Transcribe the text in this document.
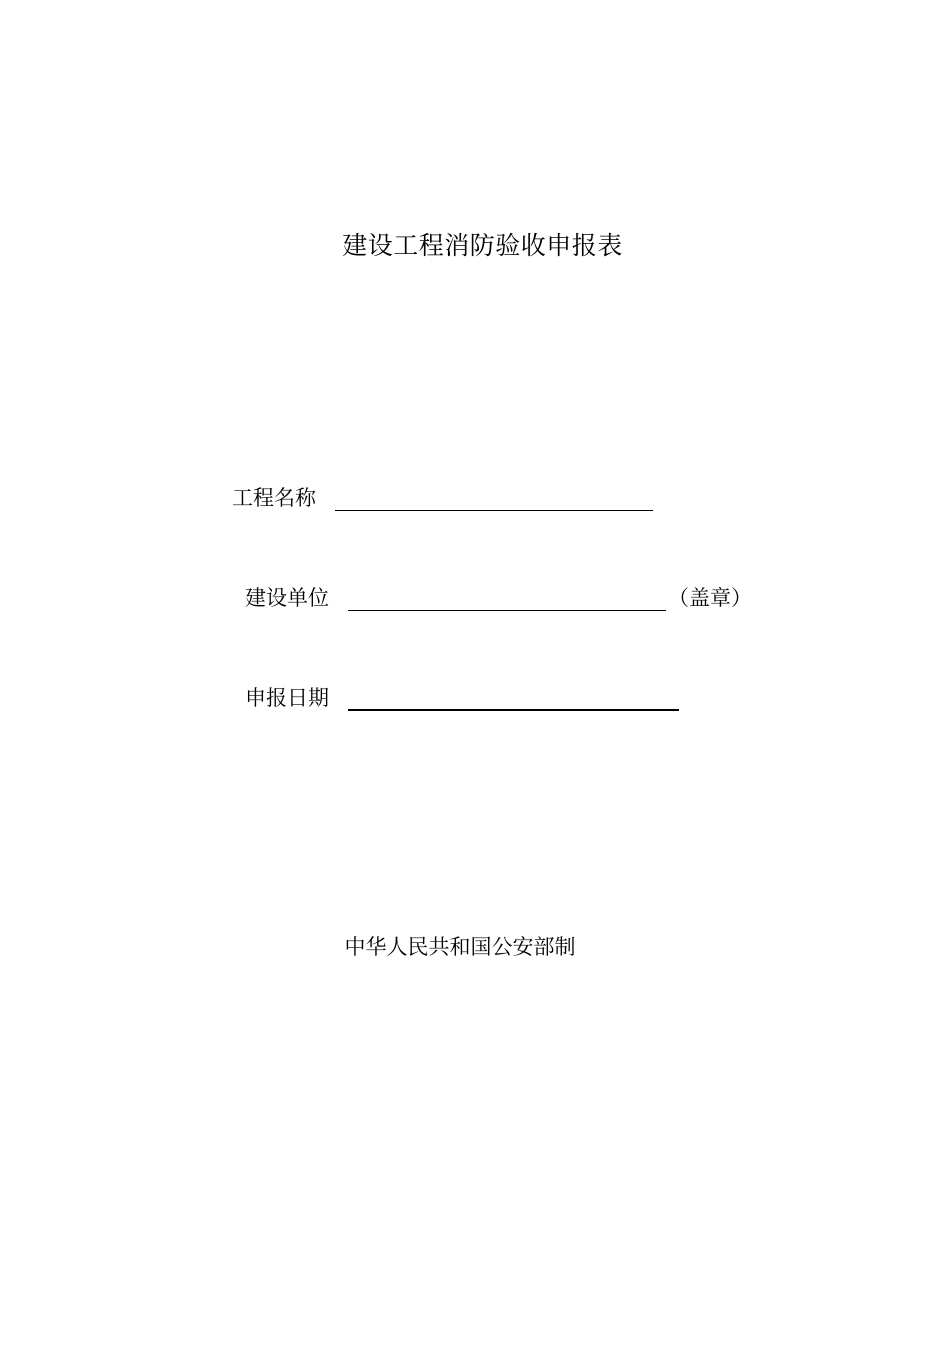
建设工程消防验收申报表
工程名称
建设单位	（盖章）
申报日期
中华人民共和国公安部制
